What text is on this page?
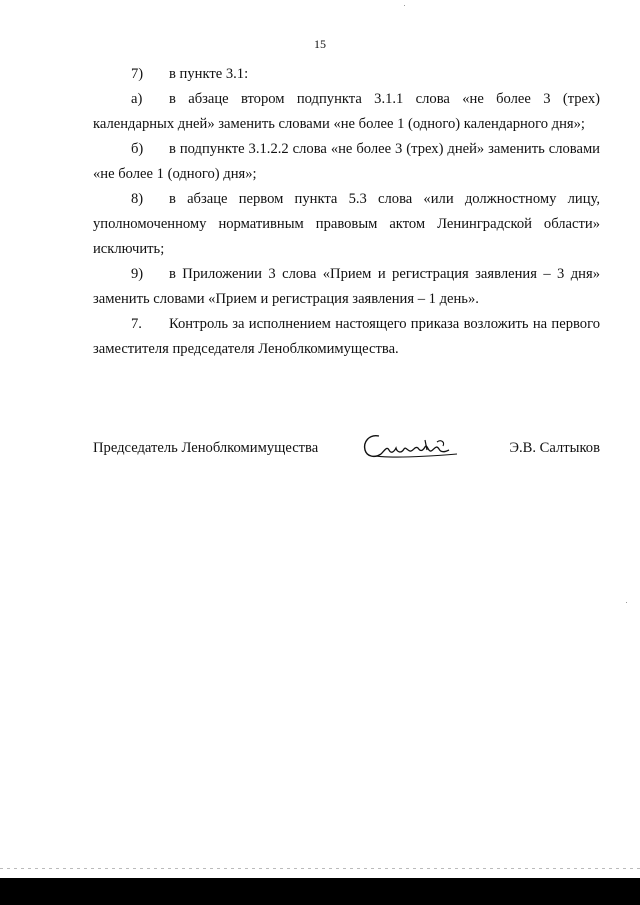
15

7) в пункте 3.1:

а) в абзаце втором подпункта 3.1.1 слова «не более 3 (трех) календарных дней» заменить словами «не более 1 (одного) календарного дня»;

б) в подпункте 3.1.2.2 слова «не более 3 (трех) дней» заменить словами «не более 1 (одного) дня»;

8) в абзаце первом пункта 5.3 слова «или должностному лицу, уполномоченному нормативным правовым актом Ленинградской области» исключить;

9) в Приложении 3 слова «Прием и регистрация заявления – 3 дня» заменить словами «Прием и регистрация заявления – 1 день».

7. Контроль за исполнением настоящего приказа возложить на первого заместителя председателя Леноблкомимущества.

Председатель Леноблкомимущества	Э.В. Салтыков
